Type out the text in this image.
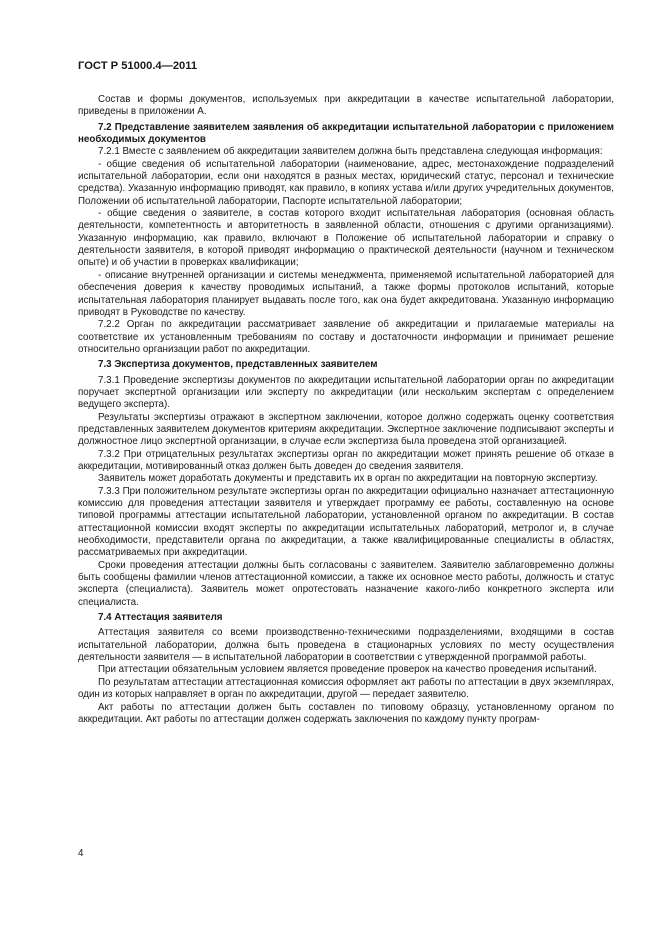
ГОСТ Р 51000.4—2011

Состав и формы документов, используемых при аккредитации в качестве испытательной лаборатории, приведены в приложении А.

7.2 Представление заявителем заявления об аккредитации испытательной лаборатории с приложением необходимых документов

7.2.1 Вместе с заявлением об аккредитации заявителем должна быть представлена следующая информация:

- общие сведения об испытательной лаборатории (наименование, адрес, местонахождение подразделений испытательной лаборатории, если они находятся в разных местах, юридический статус, персонал и технические средства). Указанную информацию приводят, как правило, в копиях устава и/или других учредительных документов, Положении об испытательной лаборатории, Паспорте испытательной лаборатории;

- общие сведения о заявителе, в состав которого входит испытательная лаборатория (основная область деятельности, компетентность и авторитетность в заявленной области, отношения с другими организациями). Указанную информацию, как правило, включают в Положение об испытательной лаборатории и справку о деятельности заявителя, в которой приводят информацию о практической деятельности (научном и техническом опыте) и об участии в проверках квалификации;

- описание внутренней организации и системы менеджмента, применяемой испытательной лабораторией для обеспечения доверия к качеству проводимых испытаний, а также формы протоколов испытаний, которые испытательная лаборатория планирует выдавать после того, как она будет аккредитована. Указанную информацию приводят в Руководстве по качеству.

7.2.2 Орган по аккредитации рассматривает заявление об аккредитации и прилагаемые материалы на соответствие их установленным требованиям по составу и достаточности информации и принимает решение относительно организации работ по аккредитации.

7.3 Экспертиза документов, представленных заявителем

7.3.1 Проведение экспертизы документов по аккредитации испытательной лаборатории орган по аккредитации поручает экспертной организации или эксперту по аккредитации (или нескольким экспертам с определением ведущего эксперта).

Результаты экспертизы отражают в экспертном заключении, которое должно содержать оценку соответствия представленных заявителем документов критериям аккредитации. Экспертное заключение подписывают эксперты и должностное лицо экспертной организации, в случае если экспертиза была проведена этой организацией.

7.3.2 При отрицательных результатах экспертизы орган по аккредитации может принять решение об отказе в аккредитации, мотивированный отказ должен быть доведен до сведения заявителя.

Заявитель может доработать документы и представить их в орган по аккредитации на повторную экспертизу.

7.3.3 При положительном результате экспертизы орган по аккредитации официально назначает аттестационную комиссию для проведения аттестации заявителя и утверждает программу ее работы, составленную на основе типовой программы аттестации испытательной лаборатории, установленной органом по аккредитации. В состав аттестационной комиссии входят эксперты по аккредитации испытательных лабораторий, метролог и, в случае необходимости, представители органа по аккредитации, а также квалифицированные специалисты в областях, рассматриваемых при аккредитации.

Сроки проведения аттестации должны быть согласованы с заявителем. Заявителю заблаговременно должны быть сообщены фамилии членов аттестационной комиссии, а также их основное место работы, должность и статус эксперта (специалиста). Заявитель может опротестовать назначение какого-либо конкретного эксперта или специалиста.

7.4 Аттестация заявителя

Аттестация заявителя со всеми производственно-техническими подразделениями, входящими в состав испытательной лаборатории, должна быть проведена в стационарных условиях по месту осуществления деятельности заявителя — в испытательной лаборатории в соответствии с утвержденной программой работы.

При аттестации обязательным условием является проведение проверок на качество проведения испытаний.

По результатам аттестации аттестационная комиссия оформляет акт работы по аттестации в двух экземплярах, один из которых направляет в орган по аккредитации, другой — передает заявителю.

Акт работы по аттестации должен быть составлен по типовому образцу, установленному органом по аккредитации. Акт работы по аттестации должен содержать заключения по каждому пункту програм-

4
